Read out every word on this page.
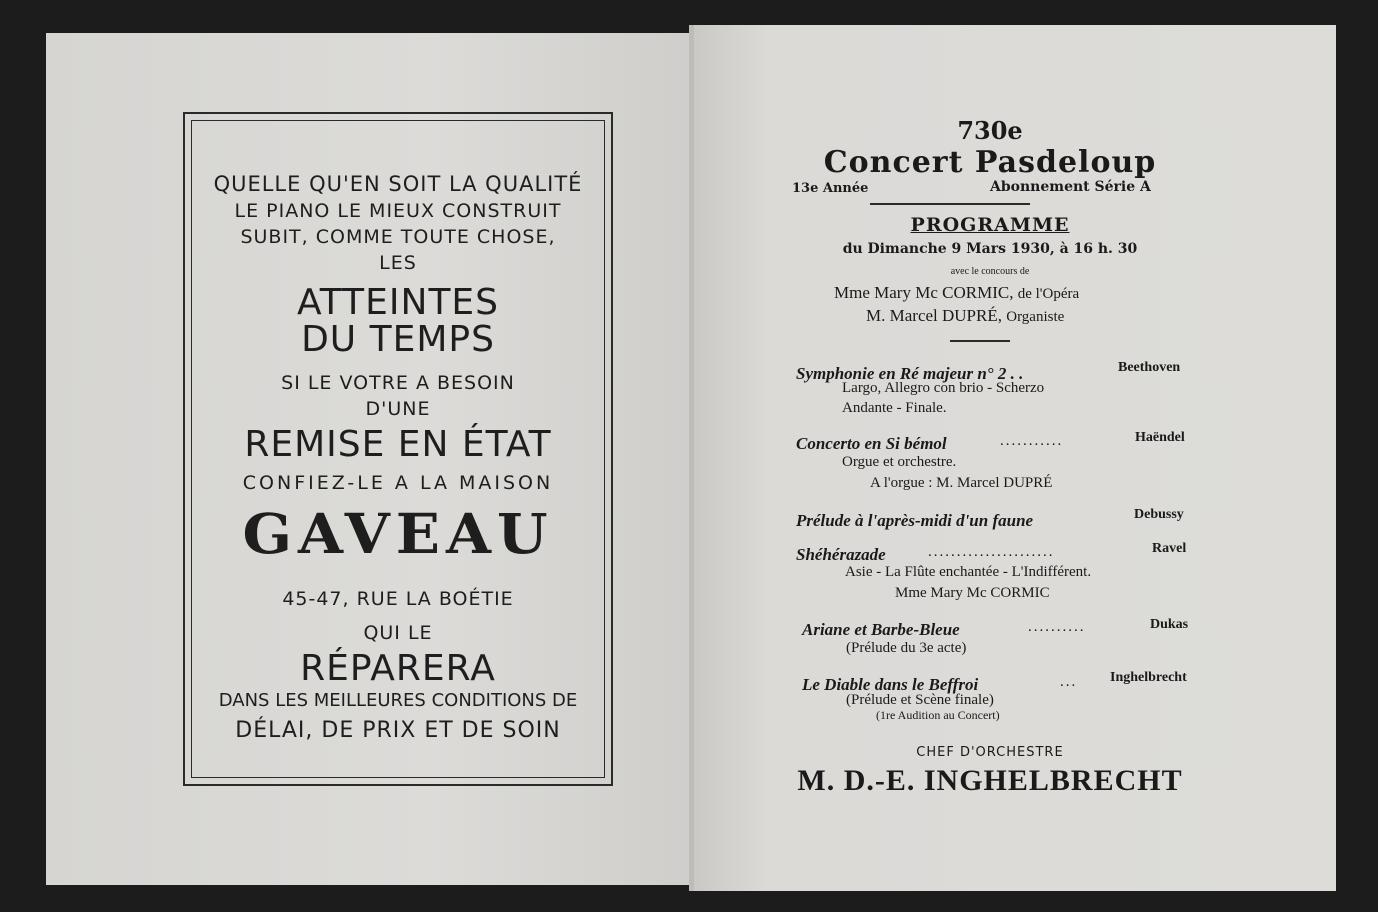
QUELLE QU'EN SOIT LA QUALITÉ
LE PIANO LE MIEUX CONSTRUIT
SUBIT, COMME TOUTE CHOSE,
LES
ATTEINTES
DU TEMPS
SI LE VOTRE A BESOIN
D'UNE
REMISE EN ÉTAT
CONFIEZ-LE A LA MAISON
GAVEAU
45-47, RUE LA BOÉTIE
QUI LE
RÉPARERA
DANS LES MEILLEURES CONDITIONS DE
DÉLAI, DE PRIX ET DE SOIN
730e
Concert Pasdeloup
13e Année	Abonnement Série A
PROGRAMME
du Dimanche 9 Mars 1930, à 16 h. 30
avec le concours de
Mme Mary Mc CORMIC, de l'Opéra
M. Marcel DUPRÉ, Organiste
Symphonie en Ré majeur n° 2 . .	Beethoven
Largo, Allegro con brio - Scherzo
Andante - Finale.
Concerto en Si bémol	...........	Haëndel
Orgue et orchestre.
A l'orgue : M. Marcel DUPRÉ
Prélude à l'après-midi d'un faune	Debussy
Shéhérazade	......................	Ravel
Asie - La Flûte enchantée - L'Indifférent.
Mme Mary Mc CORMIC
Ariane et Barbe-Bleue	..........	Dukas
(Prélude du 3e acte)
Le Diable dans le Beffroi	... Inghelbrecht
(Prélude et Scène finale)
(1re Audition au Concert)
CHEF D'ORCHESTRE
M. D.-E. INGHELBRECHT
